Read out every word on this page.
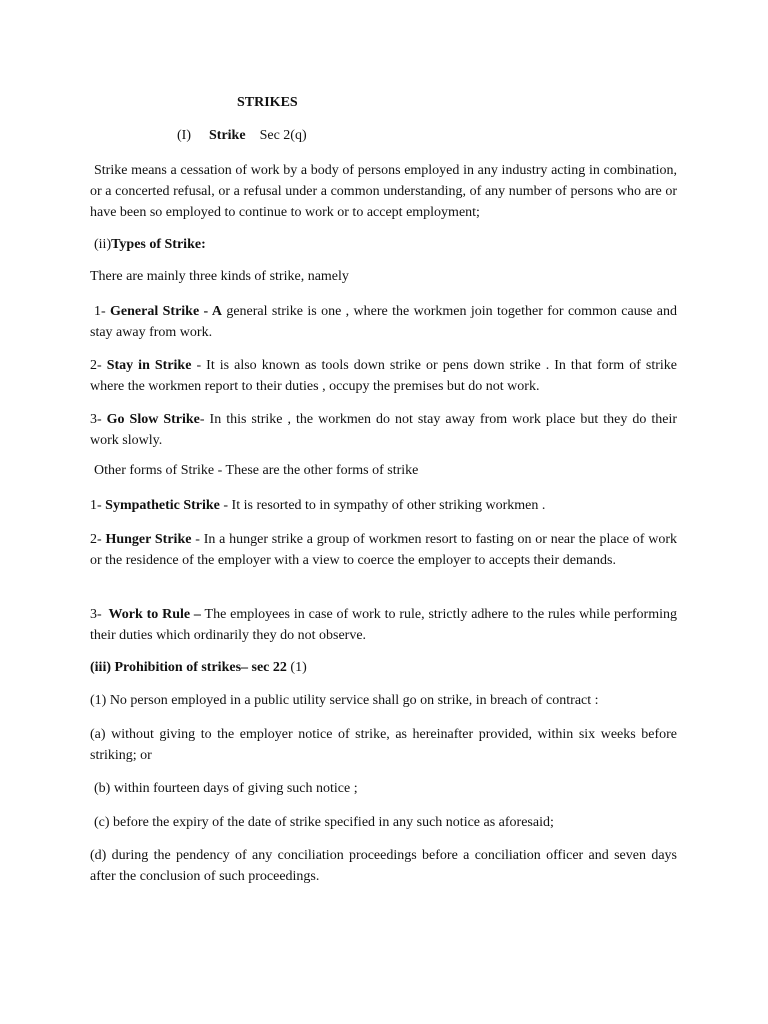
STRIKES

(I) Strike Sec 2(q)

Strike means a cessation of work by a body of persons employed in any industry acting in combination, or a concerted refusal, or a refusal under a common understanding, of any number of persons who are or have been so employed to continue to work or to accept employment;

(ii)Types of Strike:

There are mainly three kinds of strike, namely

1- General Strike - A general strike is one , where the workmen join together for common cause and stay away from work.

2- Stay in Strike - It is also known as tools down strike or pens down strike . In that form of strike where the workmen report to their duties , occupy the premises but do not work.

3- Go Slow Strike- In this strike , the workmen do not stay away from work place but they do their work slowly.

Other forms of Strike - These are the other forms of strike

1- Sympathetic Strike - It is resorted to in sympathy of other striking workmen .

2- Hunger Strike - In a hunger strike a group of workmen resort to fasting on or near the place of work or the residence of the employer with a view to coerce the employer to accepts their demands.

3- Work to Rule – The employees in case of work to rule, strictly adhere to the rules while performing their duties which ordinarily they do not observe.

(iii) Prohibition of strikes– sec 22 (1)

(1) No person employed in a public utility service shall go on strike, in breach of contract :

(a) without giving to the employer notice of strike, as hereinafter provided, within six weeks before striking; or

(b) within fourteen days of giving such notice ;

(c) before the expiry of the date of strike specified in any such notice as aforesaid;

(d) during the pendency of any conciliation proceedings before a conciliation officer and seven days after the conclusion of such proceedings.
